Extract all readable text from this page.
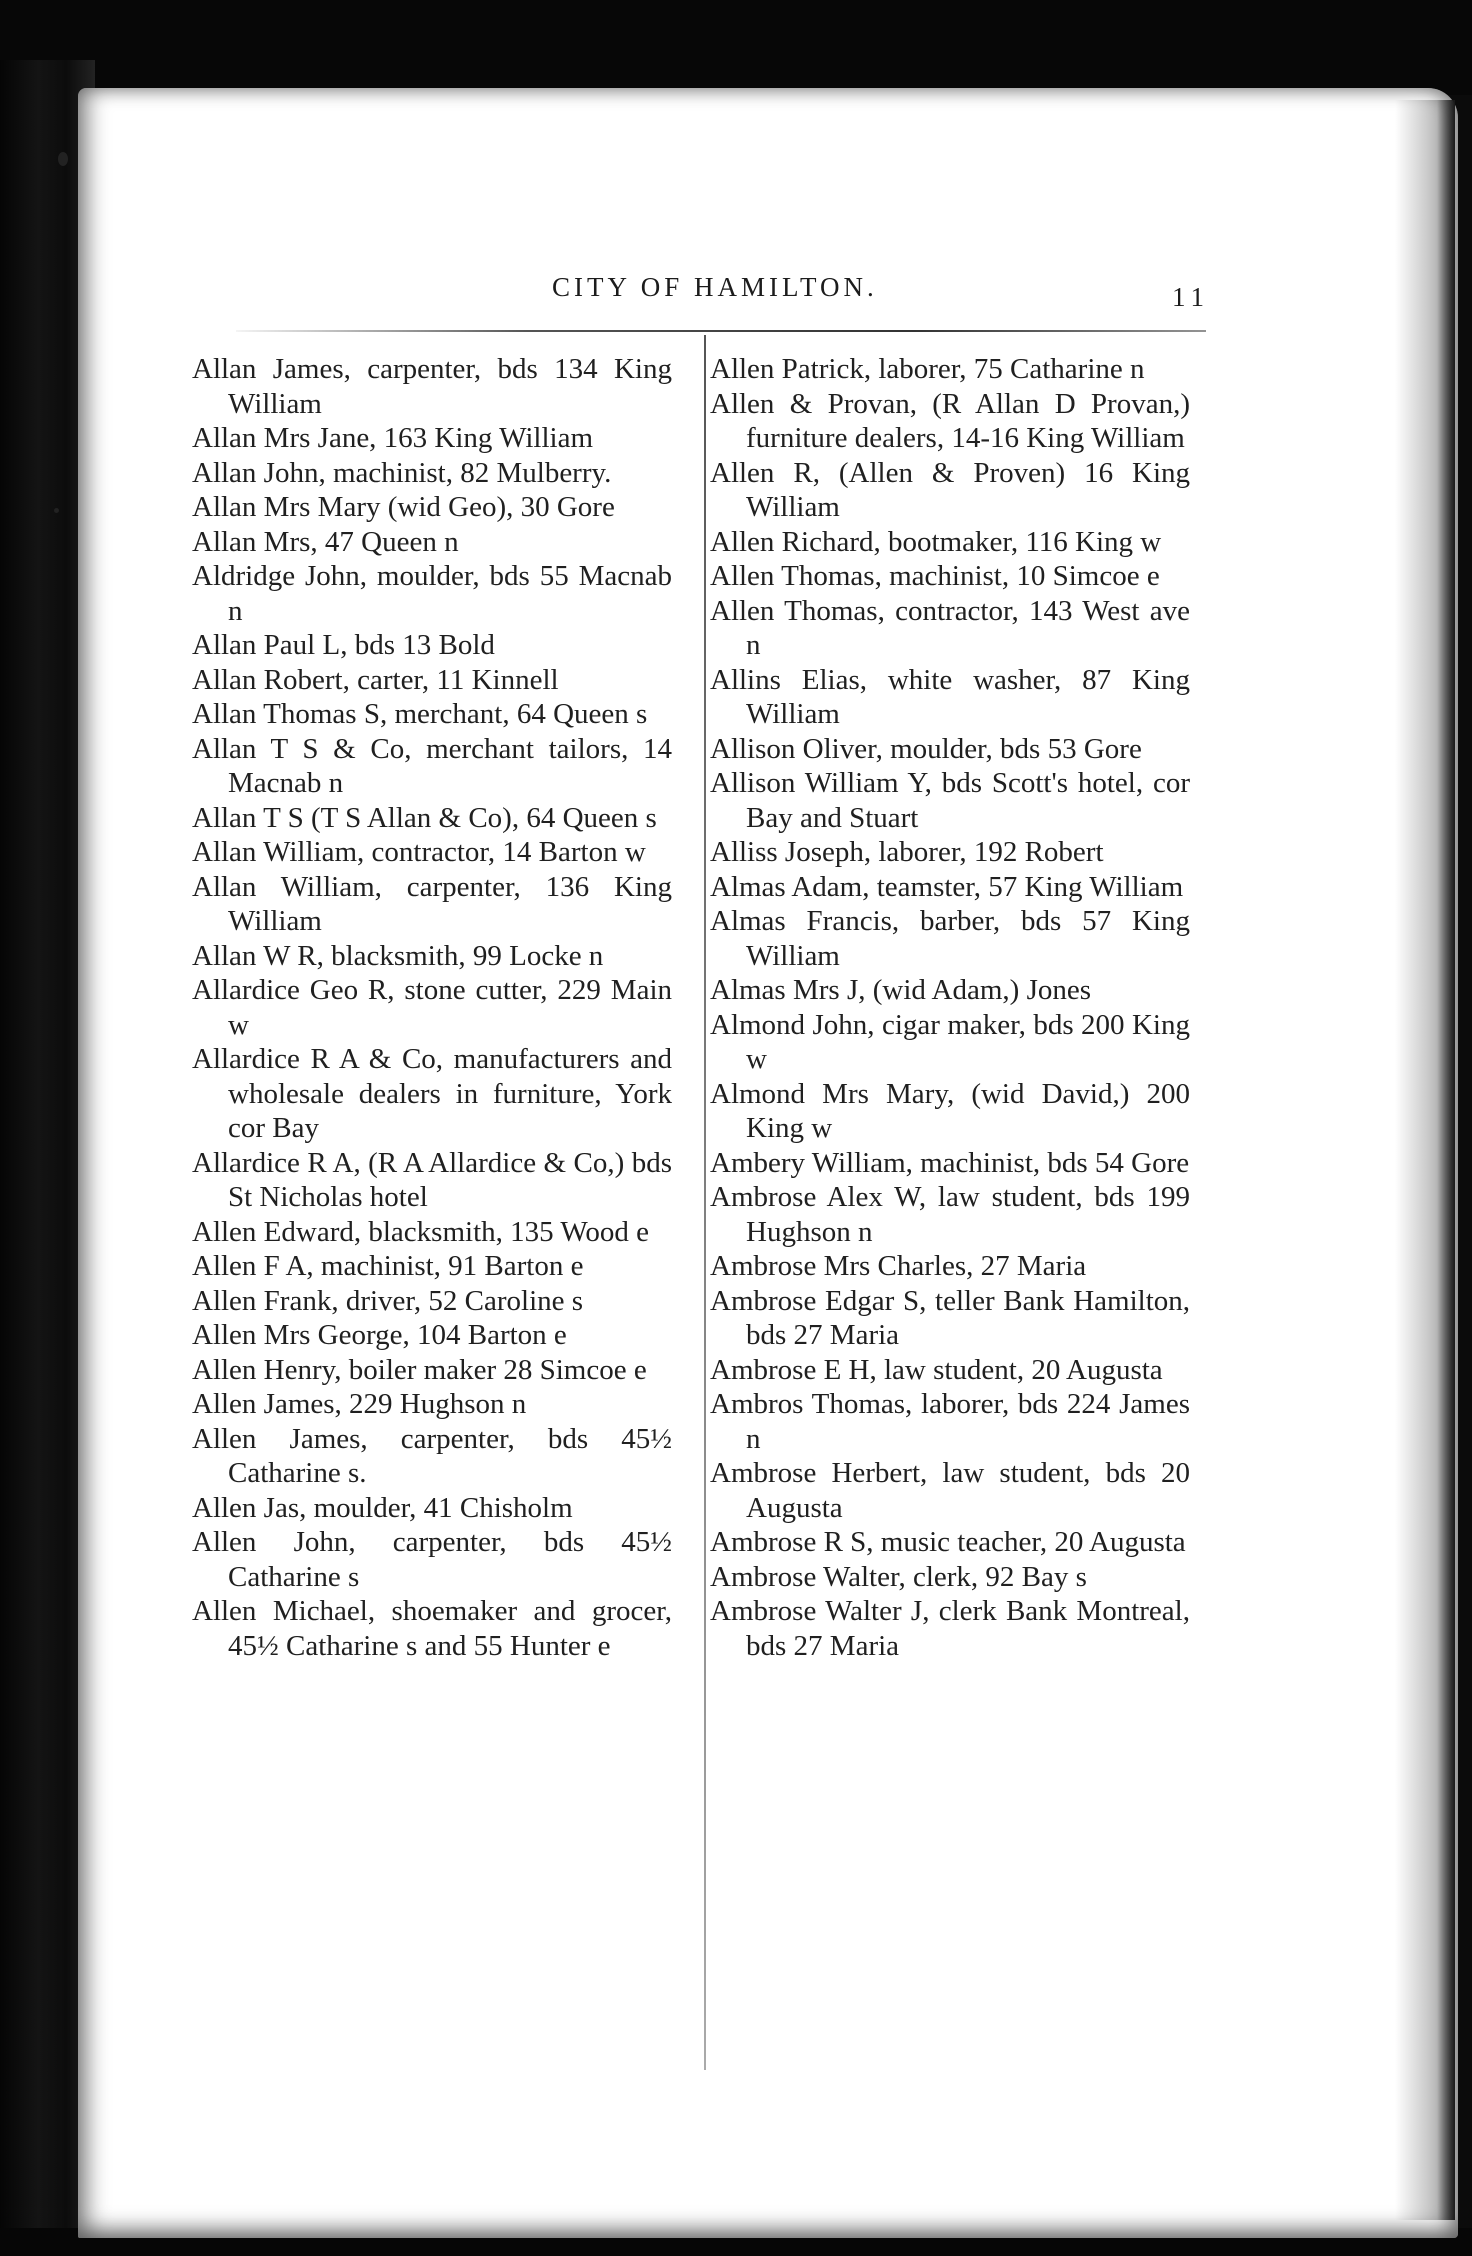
CITY OF HAMILTON.	11
Allan James, carpenter, bds 134 King William
Allan Mrs Jane, 163 King William
Allan John, machinist, 82 Mulberry.
Allan Mrs Mary (wid Geo), 30 Gore
Allan Mrs, 47 Queen n
Aldridge John, moulder, bds 55 Macnab n
Allan Paul L, bds 13 Bold
Allan Robert, carter, 11 Kinnell
Allan Thomas S, merchant, 64 Queen s
Allan T S & Co, merchant tailors, 14 Macnab n
Allan T S (T S Allan & Co), 64 Queen s
Allan William, contractor, 14 Barton w
Allan William, carpenter, 136 King William
Allan W R, blacksmith, 99 Locke n
Allardice Geo R, stone cutter, 229 Main w
Allardice R A & Co, manufacturers and wholesale dealers in furniture, York cor Bay
Allardice R A, (R A Allardice & Co,) bds St Nicholas hotel
Allen Edward, blacksmith, 135 Wood e
Allen F A, machinist, 91 Barton e
Allen Frank, driver, 52 Caroline s
Allen Mrs George, 104 Barton e
Allen Henry, boiler maker 28 Simcoe e
Allen James, 229 Hughson n
Allen James, carpenter, bds 45½ Catharine s.
Allen Jas, moulder, 41 Chisholm
Allen John, carpenter, bds 45½ Catharine s
Allen Michael, shoemaker and grocer, 45½ Catharine s and 55 Hunter e
Allen Patrick, laborer, 75 Catharine n
Allen & Provan, (R Allan D Provan,) furniture dealers, 14-16 King William
Allen R, (Allen & Proven) 16 King William
Allen Richard, bootmaker, 116 King w
Allen Thomas, machinist, 10 Simcoe e
Allen Thomas, contractor, 143 West ave n
Allins Elias, white washer, 87 King William
Allison Oliver, moulder, bds 53 Gore
Allison William Y, bds Scott's hotel, cor Bay and Stuart
Alliss Joseph, laborer, 192 Robert
Almas Adam, teamster, 57 King William
Almas Francis, barber, bds 57 King William
Almas Mrs J, (wid Adam,) Jones
Almond John, cigar maker, bds 200 King w
Almond Mrs Mary, (wid David,) 200 King w
Ambery William, machinist, bds 54 Gore
Ambrose Alex W, law student, bds 199 Hughson n
Ambrose Mrs Charles, 27 Maria
Ambrose Edgar S, teller Bank Hamilton, bds 27 Maria
Ambrose E H, law student, 20 Augusta
Ambros Thomas, laborer, bds 224 James n
Ambrose Herbert, law student, bds 20 Augusta
Ambrose R S, music teacher, 20 Augusta
Ambrose Walter, clerk, 92 Bay s
Ambrose Walter J, clerk Bank Montreal, bds 27 Maria
